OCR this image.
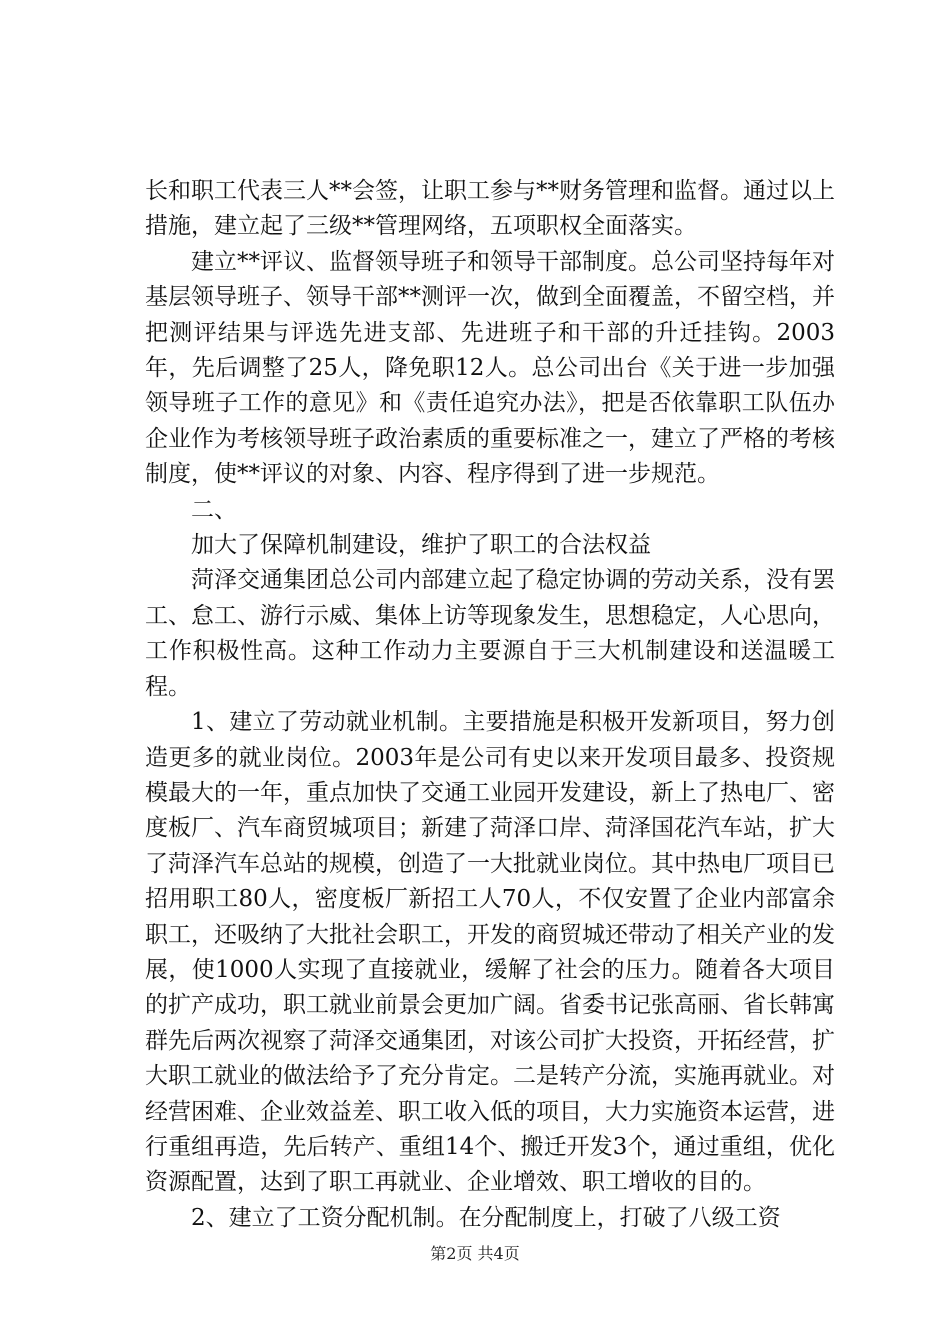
长和职工代表三人**会签，让职工参与**财务管理和监督。通过以上措施，建立起了三级**管理网络，五项职权全面落实。

建立**评议、监督领导班子和领导干部制度。总公司坚持每年对基层领导班子、领导干部**测评一次，做到全面覆盖，不留空档，并把测评结果与评选先进支部、先进班子和干部的升迁挂钩。2003年，先后调整了25人，降免职12人。总公司出台《关于进一步加强领导班子工作的意见》和《责任追究办法》，把是否依靠职工队伍办企业作为考核领导班子政治素质的重要标准之一，建立了严格的考核制度，使**评议的对象、内容、程序得到了进一步规范。

二、

加大了保障机制建设，维护了职工的合法权益

菏泽交通集团总公司内部建立起了稳定协调的劳动关系，没有罢工、怠工、游行示威、集体上访等现象发生，思想稳定，人心思向，工作积极性高。这种工作动力主要源自于三大机制建设和送温暖工程。

1、建立了劳动就业机制。主要措施是积极开发新项目，努力创造更多的就业岗位。2003年是公司有史以来开发项目最多、投资规模最大的一年，重点加快了交通工业园开发建设，新上了热电厂、密度板厂、汽车商贸城项目；新建了菏泽口岸、菏泽国花汽车站，扩大了菏泽汽车总站的规模，创造了一大批就业岗位。其中热电厂项目已招用职工80人，密度板厂新招工人70人，不仅安置了企业内部富余职工，还吸纳了大批社会职工，开发的商贸城还带动了相关产业的发展，使1000人实现了直接就业，缓解了社会的压力。随着各大项目的扩产成功，职工就业前景会更加广阔。省委书记张高丽、省长韩寓群先后两次视察了菏泽交通集团，对该公司扩大投资，开拓经营，扩大职工就业的做法给予了充分肯定。二是转产分流，实施再就业。对经营困难、企业效益差、职工收入低的项目，大力实施资本运营，进行重组再造，先后转产、重组14个、搬迁开发3个，通过重组，优化资源配置，达到了职工再就业、企业增效、职工增收的目的。

2、建立了工资分配机制。在分配制度上，打破了八级工资

第2页 共4页
